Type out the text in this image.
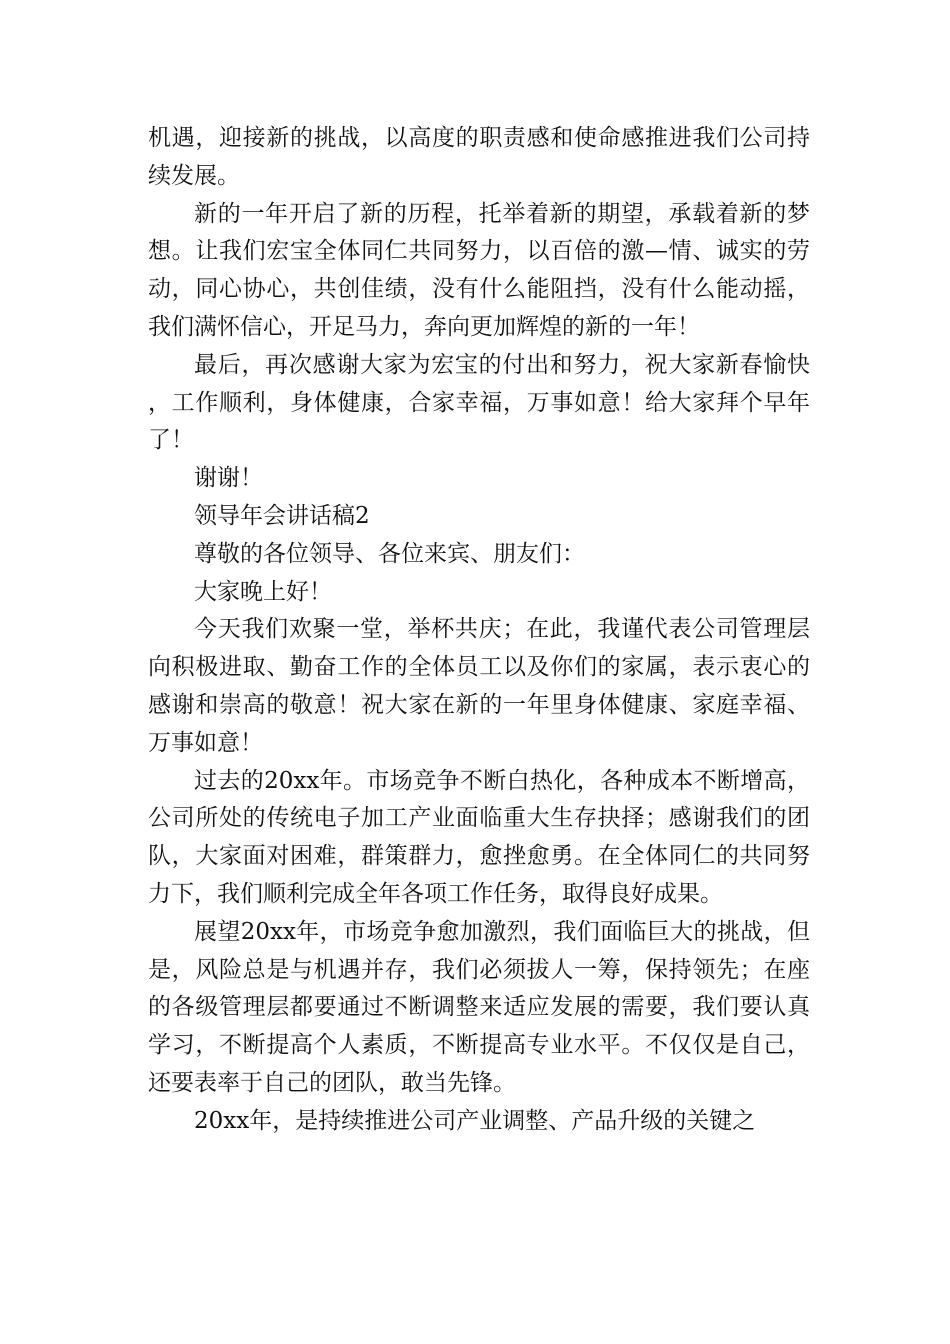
机遇，迎接新的挑战，以高度的职责感和使命感推进我们公司持续发展。

新的一年开启了新的历程，托举着新的期望，承载着新的梦想。让我们宏宝全体同仁共同努力，以百倍的激—情、诚实的劳动，同心协心，共创佳绩，没有什么能阻挡，没有什么能动摇，我们满怀信心，开足马力，奔向更加辉煌的新的一年！

最后，再次感谢大家为宏宝的付出和努力，祝大家新春愉快，工作顺利，身体健康，合家幸福，万事如意！给大家拜个早年了！

谢谢！

领导年会讲话稿2

尊敬的各位领导、各位来宾、朋友们：

大家晚上好！

今天我们欢聚一堂，举杯共庆；在此，我谨代表公司管理层向积极进取、勤奋工作的全体员工以及你们的家属，表示衷心的感谢和崇高的敬意！祝大家在新的一年里身体健康、家庭幸福、万事如意！

过去的20xx年。市场竞争不断白热化，各种成本不断增高，公司所处的传统电子加工产业面临重大生存抉择；感谢我们的团队，大家面对困难，群策群力，愈挫愈勇。在全体同仁的共同努力下，我们顺利完成全年各项工作任务，取得良好成果。

展望20xx年，市场竞争愈加激烈，我们面临巨大的挑战，但是，风险总是与机遇并存，我们必须拔人一筹，保持领先；在座的各级管理层都要通过不断调整来适应发展的需要，我们要认真学习，不断提高个人素质，不断提高专业水平。不仅仅是自己，还要表率于自己的团队，敢当先锋。

20xx年，是持续推进公司产业调整、产品升级的关键之
